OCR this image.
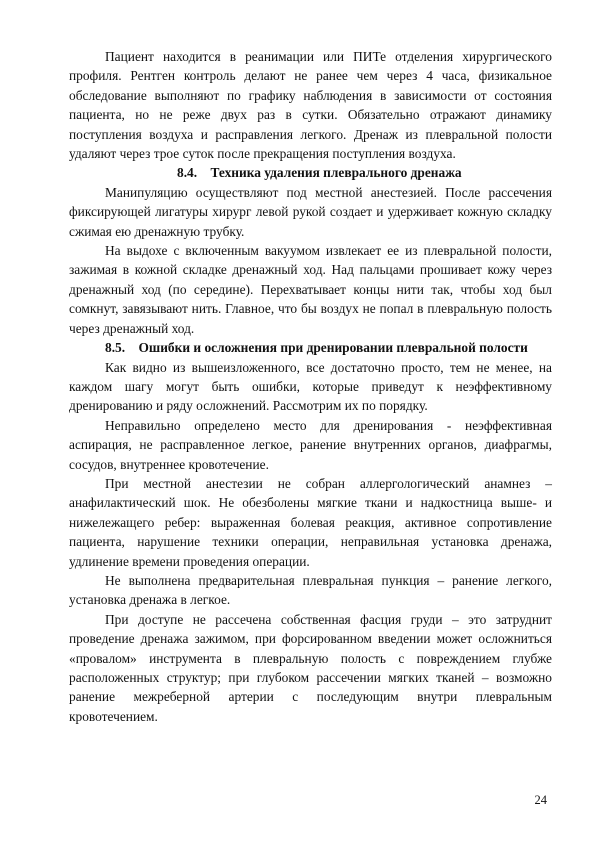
Пациент находится в реанимации или ПИТе отделения хирургического профиля. Рентген контроль делают не ранее чем через 4 часа, физикальное обследование выполняют по графику наблюдения в зависимости от состояния пациента, но не реже двух раз в сутки. Обязательно отражают динамику поступления воздуха и расправления легкого. Дренаж из плевральной полости удаляют через трое суток после прекращения поступления воздуха.

8.4. Техника удаления плеврального дренажа

Манипуляцию осуществляют под местной анестезией. После рассечения фиксирующей лигатуры хирург левой рукой создает и удерживает кожную складку сжимая ею дренажную трубку.

На выдохе с включенным вакуумом извлекает ее из плевральной полости, зажимая в кожной складке дренажный ход. Над пальцами прошивает кожу через дренажный ход (по середине). Перехватывает концы нити так, чтобы ход был сомкнут, завязывают нить. Главное, что бы воздух не попал в плевральную полость через дренажный ход.

8.5. Ошибки и осложнения при дренировании плевральной полости

Как видно из вышеизложенного, все достаточно просто, тем не менее, на каждом шагу могут быть ошибки, которые приведут к неэффективному дренированию и ряду осложнений. Рассмотрим их по порядку.

Неправильно определено место для дренирования - неэффективная аспирация, не расправленное легкое, ранение внутренних органов, диафрагмы, сосудов, внутреннее кровотечение.

При местной анестезии не собран аллергологический анамнез – анафилактический шок. Не обезболены мягкие ткани и надкостница выше- и нижележащего ребер: выраженная болевая реакция, активное сопротивление пациента, нарушение техники операции, неправильная установка дренажа, удлинение времени проведения операции.

Не выполнена предварительная плевральная пункция – ранение легкого, установка дренажа в легкое.

При доступе не рассечена собственная фасция груди – это затруднит проведение дренажа зажимом, при форсированном введении может осложниться «провалом» инструмента в плевральную полость с повреждением глубже расположенных структур; при глубоком рассечении мягких тканей – возможно ранение межреберной артерии с последующим внутри плевральным кровотечением.

24
